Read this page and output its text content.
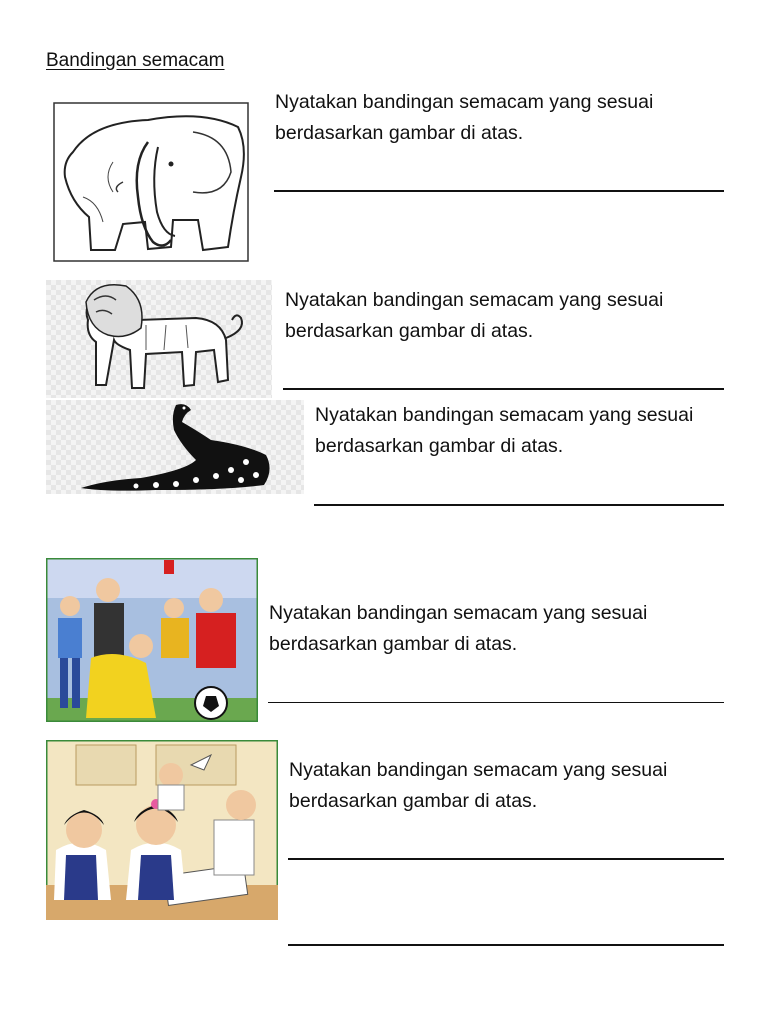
Bandingan semacam
Nyatakan bandingan semacam yang sesuai
berdasarkan gambar di atas.
Nyatakan bandingan semacam yang sesuai
berdasarkan gambar di atas.
Nyatakan bandingan semacam yang sesuai
berdasarkan gambar di atas.
Nyatakan bandingan semacam yang sesuai
berdasarkan gambar di atas.
Nyatakan bandingan semacam yang sesuai
berdasarkan gambar di atas.
